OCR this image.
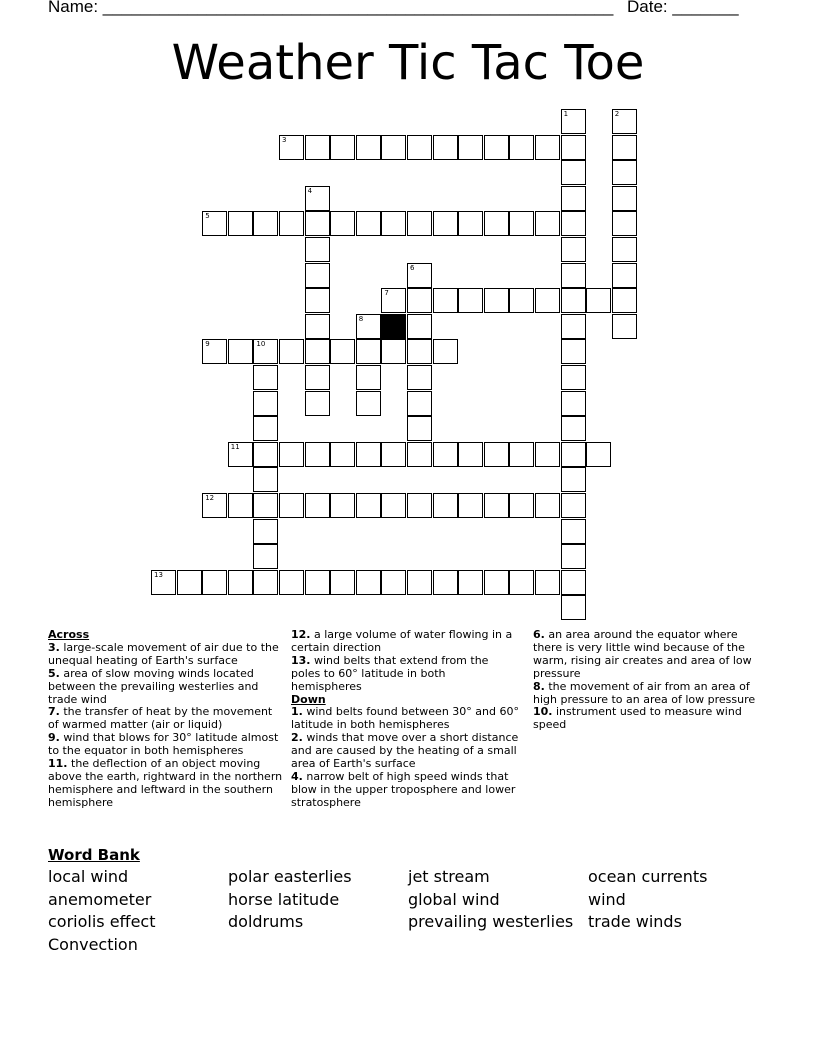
Name: ______________________________________________________ Date: _______
Weather Tic Tac Toe
3
5
7
9	10
11
12
13
1	2
4
6
8
Across
3. large-scale movement of air due to the unequal heating of Earth's surface
5. area of slow moving winds located between the prevailing westerlies and trade wind
7. the transfer of heat by the movement of warmed matter (air or liquid)
9. wind that blows for 30° latitude almost to the equator in both hemispheres
11. the deflection of an object moving above the earth, rightward in the northern hemisphere and leftward in the southern hemisphere
12. a large volume of water flowing in a certain direction
13. wind belts that extend from the poles to 60° latitude in both hemispheres
Down
1. wind belts found between 30° and 60° latitude in both hemispheres
2. winds that move over a short distance and are caused by the heating of a small area of Earth's surface
4. narrow belt of high speed winds that blow in the upper troposphere and lower stratosphere
6. an area around the equator where there is very little wind because of the warm, rising air creates and area of low pressure
8. the movement of air from an area of high pressure to an area of low pressure
10. instrument used to measure wind speed
Word Bank
local wind
anemometer
coriolis effect
Convection
polar easterlies
horse latitude
doldrums
jet stream
global wind
prevailing westerlies
ocean currents
wind
trade winds
